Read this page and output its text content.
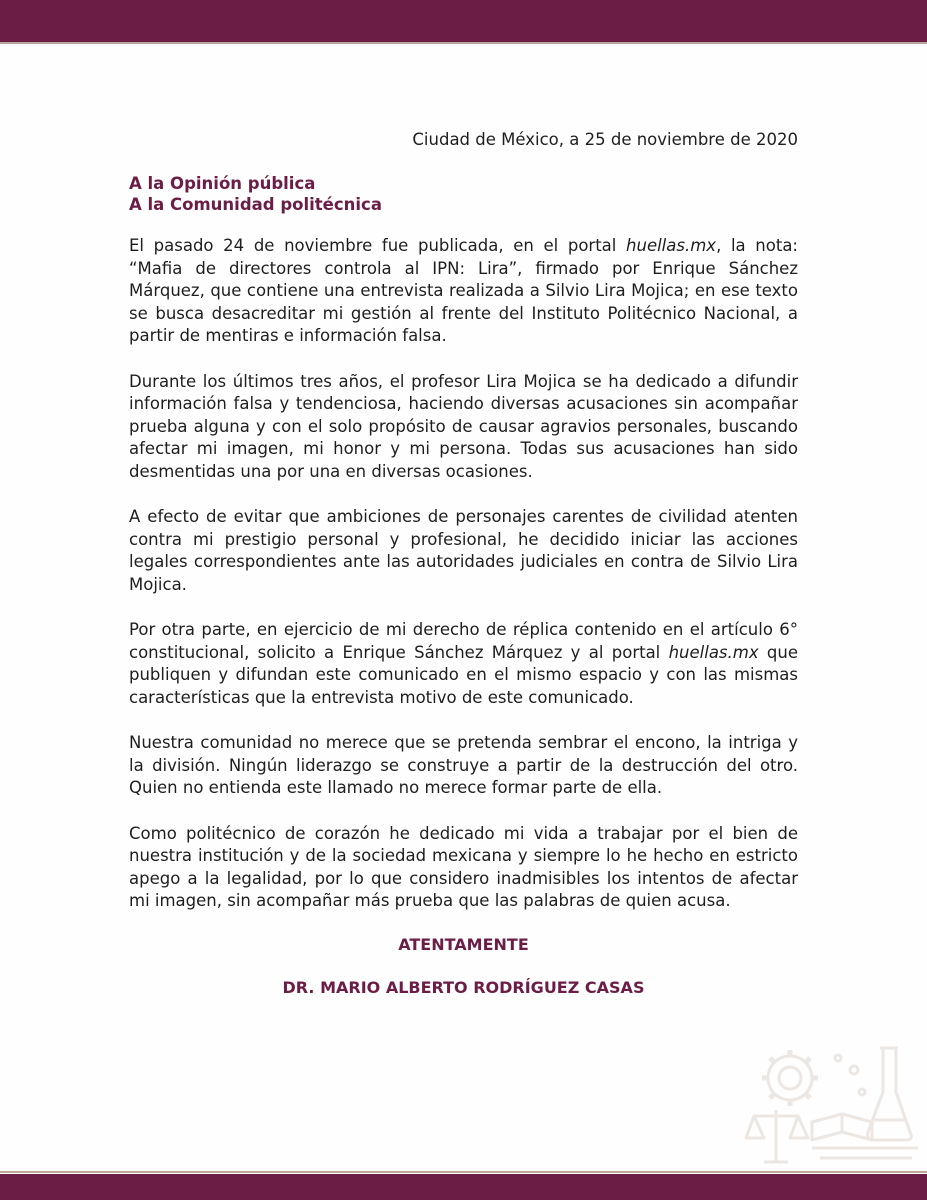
Ciudad de México, a 25 de noviembre de 2020
A la Opinión pública
A la Comunidad politécnica

El pasado 24 de noviembre fue publicada, en el portal huellas.mx, la nota: “Mafia de directores controla al IPN: Lira”, firmado por Enrique Sánchez Márquez, que contiene una entrevista realizada a Silvio Lira Mojica; en ese texto se busca desacreditar mi gestión al frente del Instituto Politécnico Nacional, a partir de mentiras e información falsa.

Durante los últimos tres años, el profesor Lira Mojica se ha dedicado a difundir información falsa y tendenciosa, haciendo diversas acusaciones sin acompañar prueba alguna y con el solo propósito de causar agravios personales, buscando afectar mi imagen, mi honor y mi persona. Todas sus acusaciones han sido desmentidas una por una en diversas ocasiones.

A efecto de evitar que ambiciones de personajes carentes de civilidad atenten contra mi prestigio personal y profesional, he decidido iniciar las acciones legales correspondientes ante las autoridades judiciales en contra de Silvio Lira Mojica.

Por otra parte, en ejercicio de mi derecho de réplica contenido en el artículo 6° constitucional, solicito a Enrique Sánchez Márquez y al portal huellas.mx que publiquen y difundan este comunicado en el mismo espacio y con las mismas características que la entrevista motivo de este comunicado.

Nuestra comunidad no merece que se pretenda sembrar el encono, la intriga y la división. Ningún liderazgo se construye a partir de la destrucción del otro. Quien no entienda este llamado no merece formar parte de ella.

Como politécnico de corazón he dedicado mi vida a trabajar por el bien de nuestra institución y de la sociedad mexicana y siempre lo he hecho en estricto apego a la legalidad, por lo que considero inadmisibles los intentos de afectar mi imagen, sin acompañar más prueba que las palabras de quien acusa.

ATENTAMENTE
DR. MARIO ALBERTO RODRÍGUEZ CASAS
